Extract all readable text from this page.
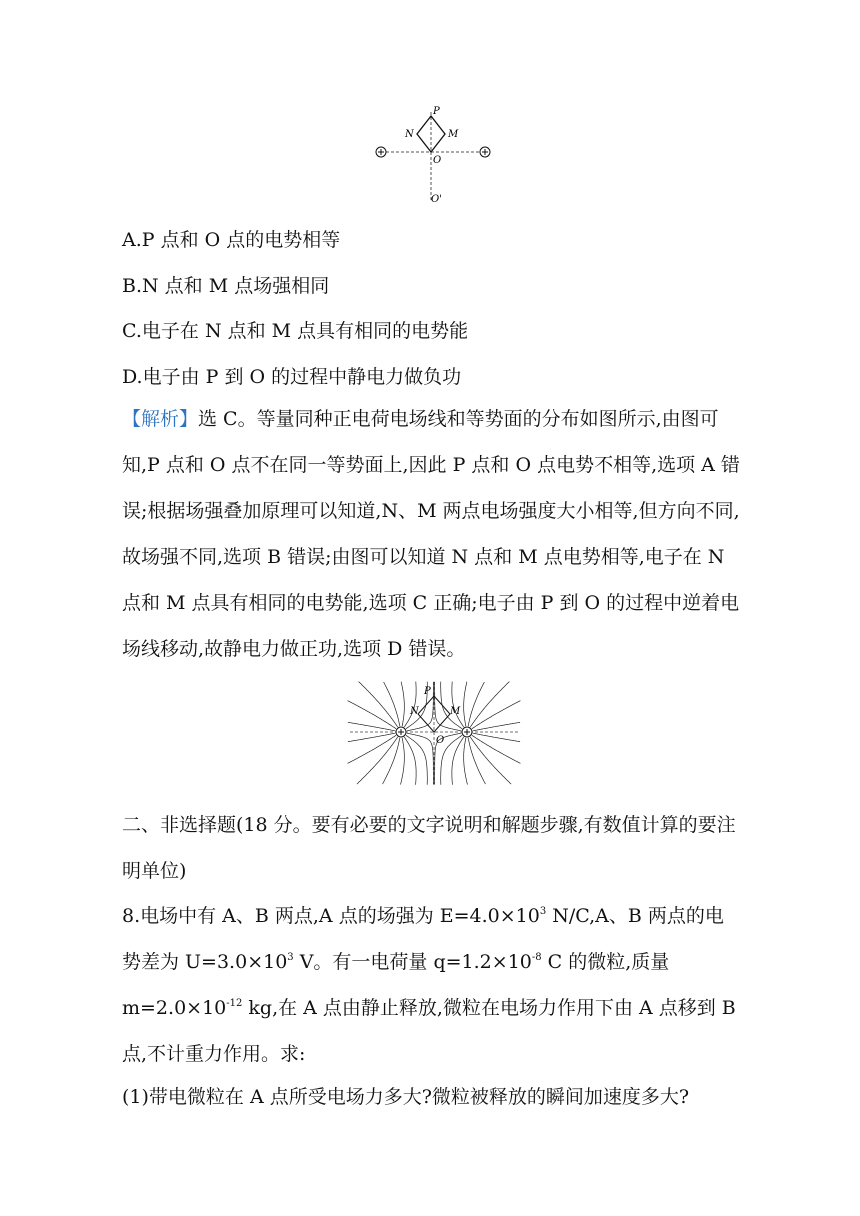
P
N	M
O
O'
A.P 点和 O 点的电势相等
B.N 点和 M 点场强相同
C.电子在 N 点和 M 点具有相同的电势能
D.电子由 P 到 O 的过程中静电力做负功
【解析】选 C。等量同种正电荷电场线和等势面的分布如图所示,由图可知,P 点和 O 点不在同一等势面上,因此 P 点和 O 点电势不相等,选项 A 错误;根据场强叠加原理可以知道,N、M 两点电场强度大小相等,但方向不同,故场强不同,选项 B 错误;由图可以知道 N 点和 M 点电势相等,电子在 N 点和 M 点具有相同的电势能,选项 C 正确;电子由 P 到 O 的过程中逆着电场线移动,故静电力做正功,选项 D 错误。
P
N	M
O
二、非选择题(18 分。要有必要的文字说明和解题步骤,有数值计算的要注明单位)
8.电场中有 A、B 两点,A 点的场强为 $E=4.0\times 10^3$ N/C,A、B 两点的电势差为 $U=3.0\times 10^3$ V。有一电荷量 $q=1.2\times 10^{-8}$ C 的微粒,质量 $m=2.0\times 10^{-12}$ kg,在 A 点由静止释放,微粒在电场力作用下由 A 点移到 B 点,不计重力作用。求:
(1)带电微粒在 A 点所受电场力多大?微粒被释放的瞬间加速度多大?
